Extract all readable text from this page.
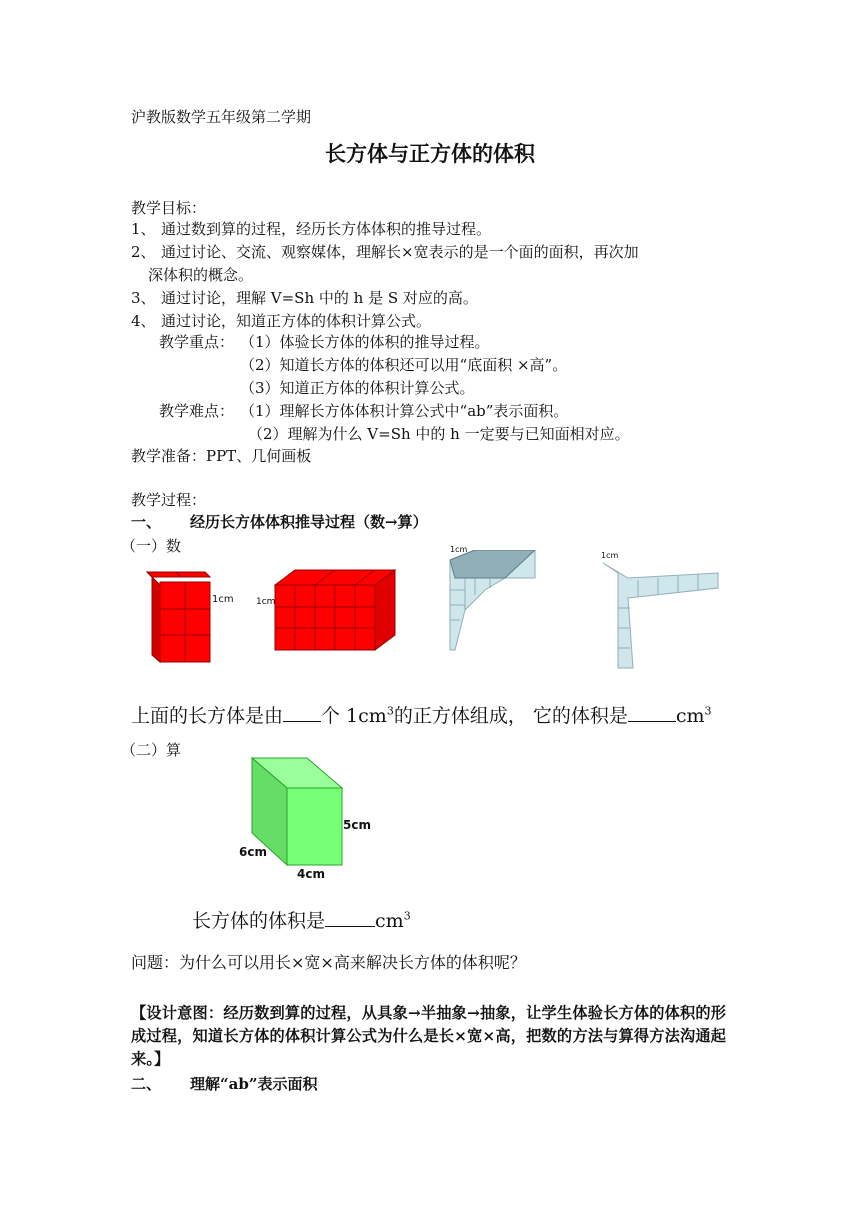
沪教版数学五年级第二学期
长方体与正方体的体积
教学目标：
1、 通过数到算的过程，经历长方体体积的推导过程。
2、 通过讨论、交流、观察媒体，理解长×宽表示的是一个面的面积，再次加
深体积的概念。
3、 通过讨论，理解 V=Sh 中的 h 是 S 对应的高。
4、 通过讨论，知道正方体的体积计算公式。
教学重点： （1）体验长方体的体积的推导过程。
（2）知道长方体的体积还可以用“底面积 ×高”。
（3）知道正方体的体积计算公式。
教学难点： （1）理解长方体体积计算公式中“ab”表示面积。
（2）理解为什么 V=Sh 中的 h 一定要与已知面相对应。
教学准备：PPT、几何画板
教学过程：
一、 经历长方体体积推导过程（数→算）
（一）数
1cm 1cm
1cm
1cm
上面的长方体是由 个 $1cm^3$的正方体组成， 它的体积是	$cm^3$
（二）算
5cm
6cm
4cm
长方体的体积是	$cm^3$
问题：为什么可以用长×宽×高来解决长方体的体积呢？
【设计意图：经历数到算的过程，从具象→半抽象→抽象，让学生体验长方体的体积的形成过程，知道长方体的体积计算公式为什么是长×宽×高，把数的方法与算得方法沟通起来。】
二、 理解“ab”表示面积
